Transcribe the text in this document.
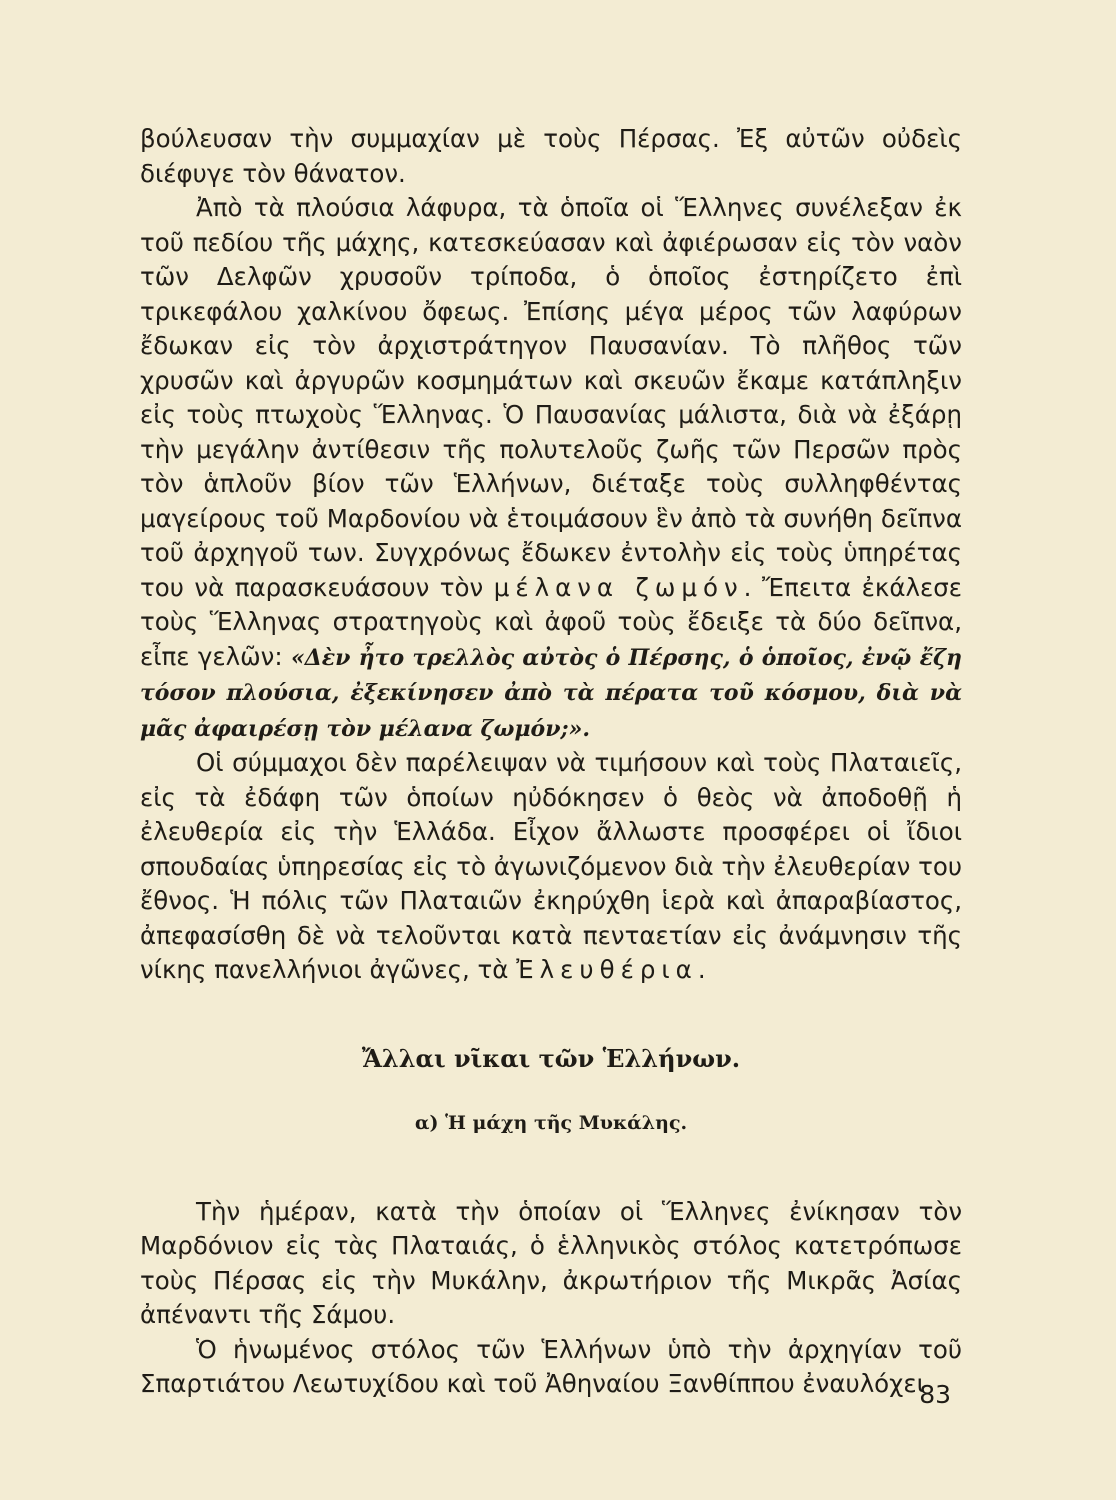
βούλευσαν τὴν συμμαχίαν μὲ τοὺς Πέρσας. Ἐξ αὐτῶν οὐδεὶς διέφυγε τὸν θάνατον.

Ἀπὸ τὰ πλούσια λάφυρα, τὰ ὁποῖα οἱ Ἕλληνες συνέλεξαν ἐκ τοῦ πεδίου τῆς μάχης, κατεσκεύασαν καὶ ἀφιέρωσαν εἰς τὸν ναὸν τῶν Δελφῶν χρυσοῦν τρίποδα, ὁ ὁποῖος ἐστηρίζετο ἐπὶ τρικεφάλου χαλκίνου ὄφεως. Ἐπίσης μέγα μέρος τῶν λαφύρων ἔδωκαν εἰς τὸν ἀρχιστράτηγον Παυσανίαν. Τὸ πλῆθος τῶν χρυσῶν καὶ ἀργυρῶν κοσμημάτων καὶ σκευῶν ἔκαμε κατάπληξιν εἰς τοὺς πτωχοὺς Ἕλληνας. Ὁ Παυσανίας μάλιστα, διὰ νὰ ἐξάρῃ τὴν μεγάλην ἀντίθεσιν τῆς πολυτελοῦς ζωῆς τῶν Περσῶν πρὸς τὸν ἁπλοῦν βίον τῶν Ἑλλήνων, διέταξε τοὺς συλληφθέντας μαγείρους τοῦ Μαρδονίου νὰ ἑτοιμάσουν ἓν ἀπὸ τὰ συνήθη δεῖπνα τοῦ ἀρχηγοῦ των. Συγχρόνως ἔδωκεν ἐντολὴν εἰς τοὺς ὑπηρέτας του νὰ παρασκευάσουν τὸν μέλανα ζωμόν. Ἔπειτα ἐκάλεσε τοὺς Ἕλληνας στρατηγοὺς καὶ ἀφοῦ τοὺς ἔδειξε τὰ δύο δεῖπνα, εἶπε γελῶν: «Δὲν ἦτο τρελλὸς αὐτὸς ὁ Πέρσης, ὁ ὁποῖος, ἐνῷ ἔζη τόσον πλούσια, ἐξεκίνησεν ἀπὸ τὰ πέρατα τοῦ κόσμου, διὰ νὰ μᾶς ἀφαιρέσῃ τὸν μέλανα ζωμόν;».

Οἱ σύμμαχοι δὲν παρέλειψαν νὰ τιμήσουν καὶ τοὺς Πλαταιεῖς, εἰς τὰ ἐδάφη τῶν ὁποίων ηὐδόκησεν ὁ θεὸς νὰ ἀποδοθῇ ἡ ἐλευθερία εἰς τὴν Ἑλλάδα. Εἶχον ἄλλωστε προσφέρει οἱ ἴδιοι σπουδαίας ὑπηρεσίας εἰς τὸ ἀγωνιζόμενον διὰ τὴν ἐλευθερίαν του ἔθνος. Ἡ πόλις τῶν Πλαταιῶν ἐκηρύχθη ἱερὰ καὶ ἀπαραβίαστος, ἀπεφασίσθη δὲ νὰ τελοῦνται κατὰ πενταετίαν εἰς ἀνάμνησιν τῆς νίκης πανελλήνιοι ἀγῶνες, τὰ Ἐλευθέρια.

Ἄλλαι νῖκαι τῶν Ἑλλήνων.

α) Ἡ μάχη τῆς Μυκάλης.

Τὴν ἡμέραν, κατὰ τὴν ὁποίαν οἱ Ἕλληνες ἐνίκησαν τὸν Μαρδόνιον εἰς τὰς Πλαταιάς, ὁ ἑλληνικὸς στόλος κατετρόπωσε τοὺς Πέρσας εἰς τὴν Μυκάλην, ἀκρωτήριον τῆς Μικρᾶς Ἀσίας ἀπέναντι τῆς Σάμου.

Ὁ ἡνωμένος στόλος τῶν Ἑλλήνων ὑπὸ τὴν ἀρχηγίαν τοῦ Σπαρτιάτου Λεωτυχίδου καὶ τοῦ Ἀθηναίου Ξανθίππου ἐναυλόχει

83
